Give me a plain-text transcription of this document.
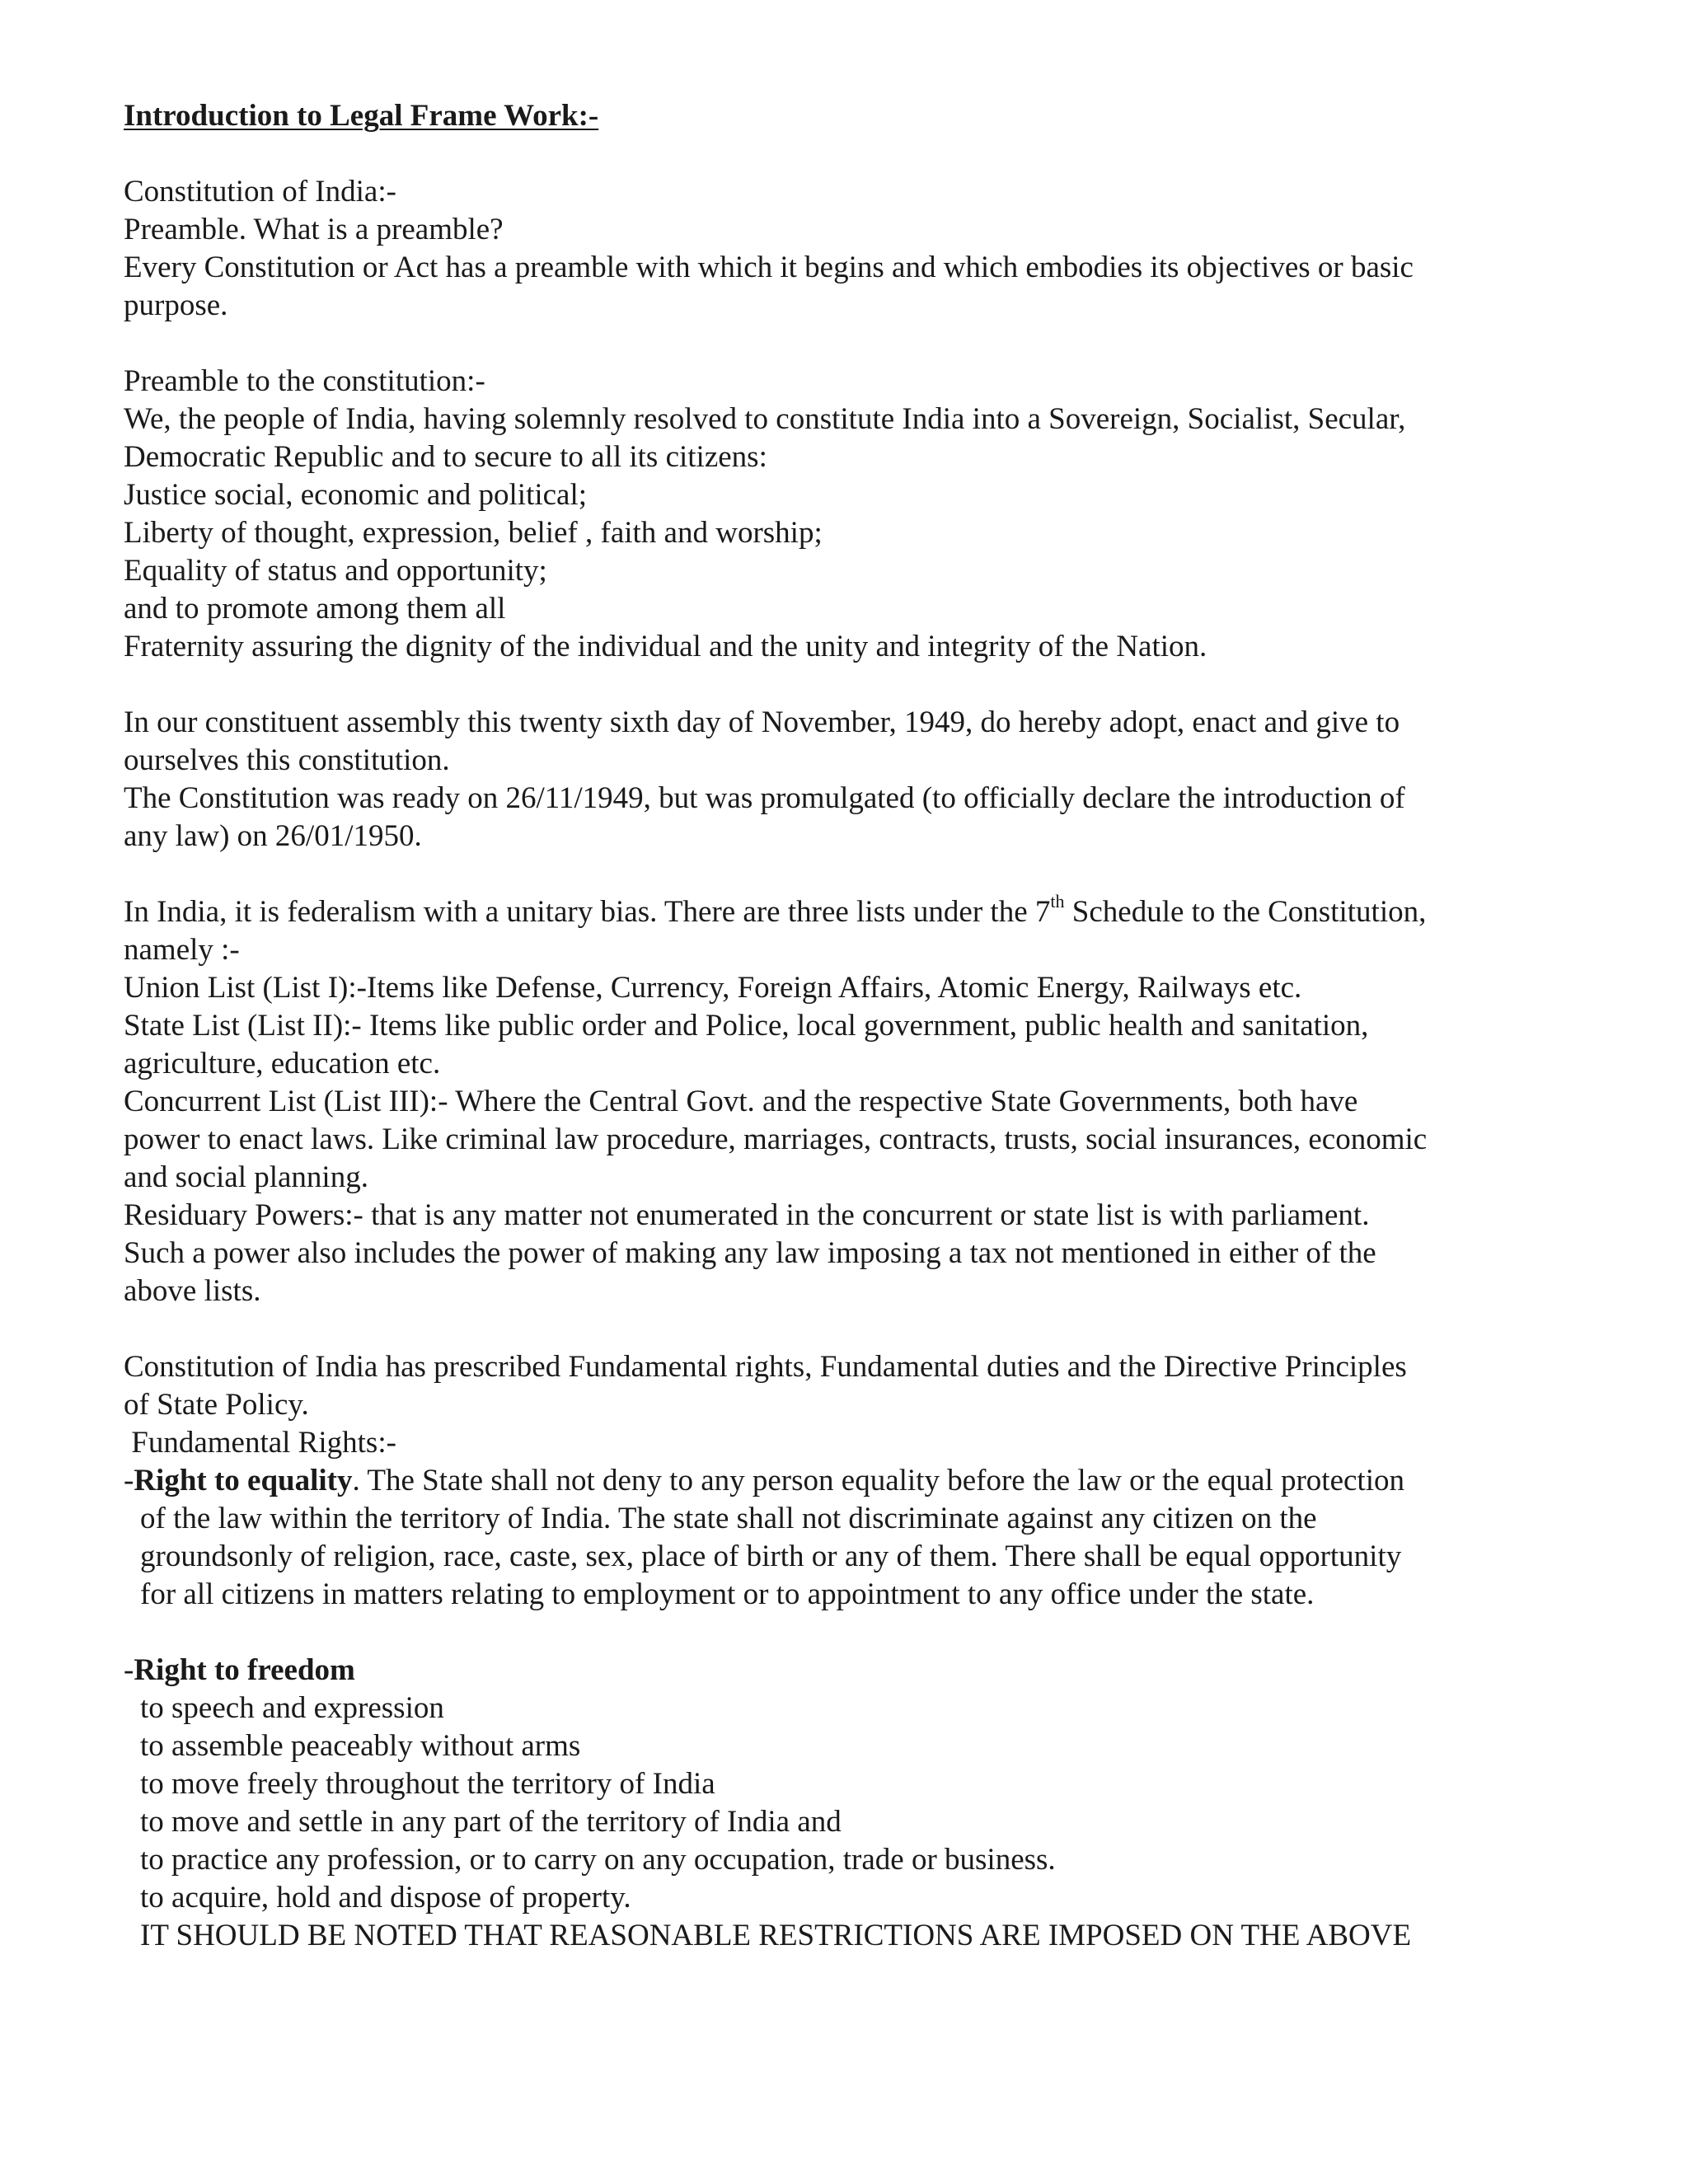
Introduction to Legal Frame Work:-
Constitution of India:-
Preamble. What is a preamble?
Every Constitution or Act has a preamble with which it begins and which embodies its objectives or basic
purpose.
Preamble to the constitution:-
We, the people of India, having solemnly resolved to constitute India into a Sovereign, Socialist, Secular,
Democratic Republic and to secure to all its citizens:
Justice social, economic and political;
Liberty of thought, expression, belief , faith and worship;
Equality of status and opportunity;
and to promote among them all
Fraternity assuring the dignity of the individual and the unity and integrity of the Nation.
In our constituent assembly this twenty sixth day of November, 1949, do hereby adopt, enact and give to
ourselves this constitution.
The Constitution was ready on 26/11/1949, but was promulgated (to officially declare the introduction of
any law) on 26/01/1950.
In India, it is federalism with a unitary bias. There are three lists under the 7th Schedule to the Constitution,
namely :-
Union List (List I):-Items like Defense, Currency, Foreign Affairs, Atomic Energy, Railways etc.
State List (List II):- Items like public order and Police, local government, public health and sanitation,
agriculture, education etc.
Concurrent List (List III):- Where the Central Govt. and the respective State Governments, both have
power to enact laws. Like criminal law procedure, marriages, contracts, trusts, social insurances, economic
and social planning.
Residuary Powers:- that is any matter not enumerated in the concurrent or state list is with parliament.
Such a power also includes the power of making any law imposing a tax not mentioned in either of the
above lists.
Constitution of India has prescribed Fundamental rights, Fundamental duties and the Directive Principles
of State Policy.
Fundamental Rights:-
-Right to equality. The State shall not deny to any person equality before the law or the equal protection
of the law within the territory of India. The state shall not discriminate against any citizen on the
groundsonly of religion, race, caste, sex, place of birth or any of them. There shall be equal opportunity
for all citizens in matters relating to employment or to appointment to any office under the state.
-Right to freedom
to speech and expression
to assemble peaceably without arms
to move freely throughout the territory of India
to move and settle in any part of the territory of India and
to practice any profession, or to carry on any occupation, trade or business.
to acquire, hold and dispose of property.
IT SHOULD BE NOTED THAT REASONABLE RESTRICTIONS ARE IMPOSED ON THE ABOVE
